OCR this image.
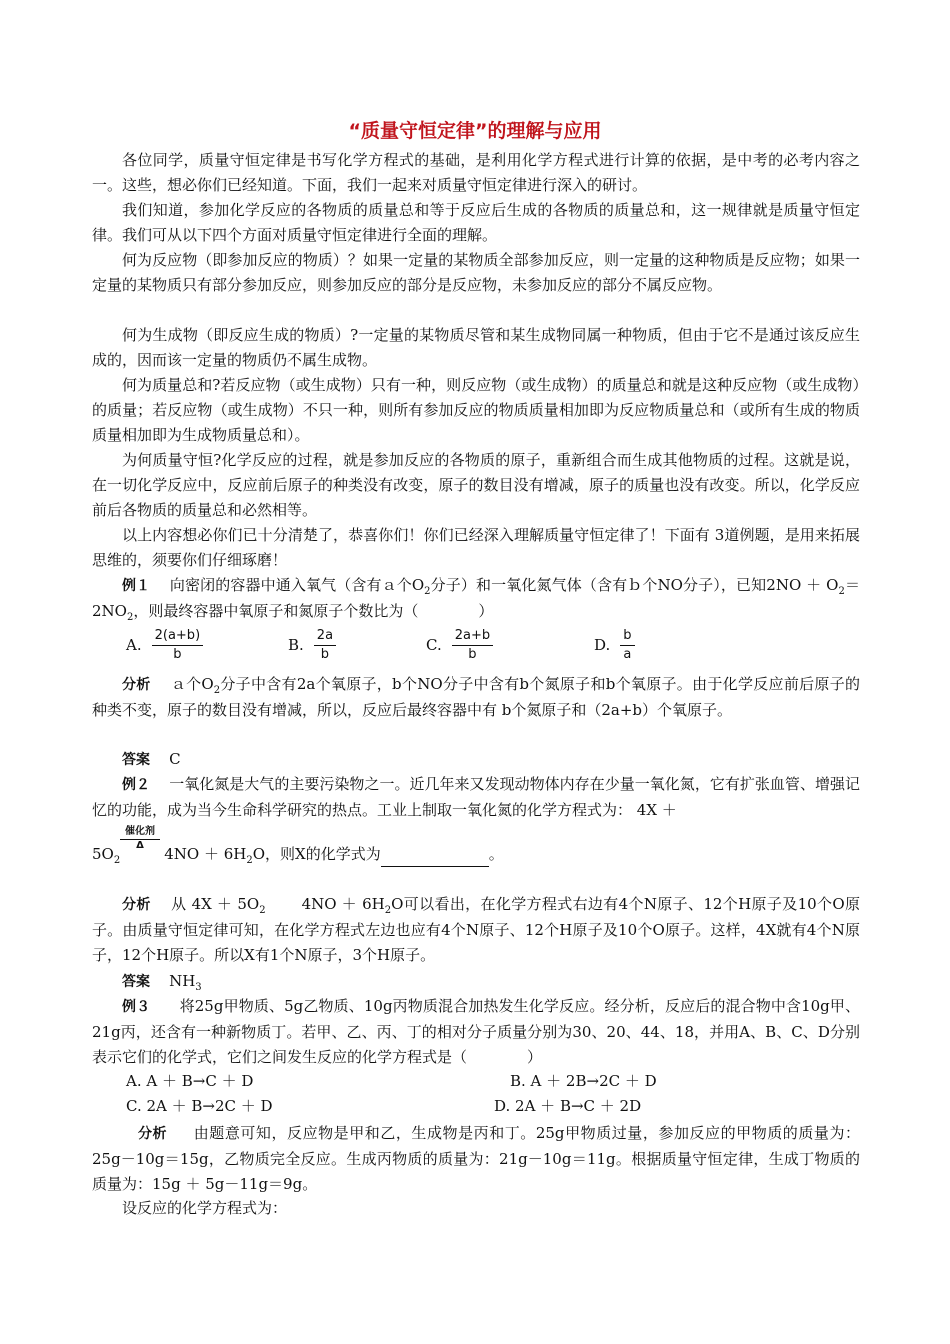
“质量守恒定律”的理解与应用
各位同学，质量守恒定律是书写化学方程式的基础，是利用化学方程式进行计算的依据，是中考的必考内容之一。这些，想必你们已经知道。下面，我们一起来对质量守恒定律进行深入的研讨。
我们知道，参加化学反应的各物质的质量总和等于反应后生成的各物质的质量总和，这一规律就是质量守恒定律。我们可从以下四个方面对质量守恒定律进行全面的理解。
何为反应物（即参加反应的物质）？如果一定量的某物质全部参加反应，则一定量的这种物质是反应物；如果一定量的某物质只有部分参加反应，则参加反应的部分是反应物，未参加反应的部分不属反应物。
何为生成物（即反应生成的物质）?一定量的某物质尽管和某生成物同属一种物质，但由于它不是通过该反应生成的，因而该一定量的物质仍不属生成物。
何为质量总和?若反应物（或生成物）只有一种，则反应物（或生成物）的质量总和就是这种反应物（或生成物）的质量；若反应物（或生成物）不只一种，则所有参加反应的物质质量相加即为反应物质量总和（或所有生成的物质质量相加即为生成物质量总和）。
为何质量守恒?化学反应的过程，就是参加反应的各物质的原子，重新组合而生成其他物质的过程。这就是说，在一切化学反应中，反应前后原子的种类没有改变，原子的数目没有增减，原子的质量也没有改变。所以，化学反应前后各物质的质量总和必然相等。
以上内容想必你们已十分清楚了，恭喜你们！你们已经深入理解质量守恒定律了！下面有 3道例题，是用来拓展思维的，须要你们仔细琢磨！
例１ 向密闭的容器中通入氧气（含有ａ个$O_2$分子）和一氧化氮气体（含有ｂ个NO分子），已知$2NO + O_2=2NO_2$，则最终容器中氧原子和氮原子个数比为（　　　　）
A. $\frac{2(a+b)}{b}$	B. $\frac{2a}{b}$	C. $\frac{2a+b}{b}$	D. $\frac{b}{a}$
分析 ａ个$O_2$分子中含有2a个氧原子，b个NO分子中含有b个氮原子和b个氧原子。由于化学反应前后原子的种类不变，原子的数目没有增减，所以，反应后最终容器中有 b个氮原子和（2a+b）个氧原子。
答案 C
例２ 一氧化氮是大气的主要污染物之一。近几年来又发现动物体内存在少量一氧化氮，它有扩张血管、增强记忆的功能，成为当今生命科学研究的热点。工业上制取一氧化氮的化学方程式为： 4X ＋
催化剂
Δ
$5O_2$	$4NO + 6H_2O$，则X的化学式为	。
分析 从 $4X + 5O_2$ $4NO + 6H_2O$可以看出，在化学方程式右边有4个N原子、12个H原子及10个O原子。由质量守恒定律可知，在化学方程式左边也应有4个N原子、12个H原子及10个O原子。这样，4X就有4个N原子，12个H原子。所以X有1个N原子，3个H原子。
答案 $NH_3$
例３ 将25g甲物质、5g乙物质、10g丙物质混合加热发生化学反应。经分析，反应后的混合物中含10g甲、21g丙，还含有一种新物质丁。若甲、乙、丙、丁的相对分子质量分别为30、20、44、18，并用A、B、C、D分别表示它们的化学式，它们之间发生反应的化学方程式是（　　　　）
A. A ＋ B→C ＋ D	B. A ＋ 2B→2C ＋ D
C. 2A ＋ B→2C ＋ D	D. 2A ＋ B→C ＋ 2D
分析 由题意可知，反应物是甲和乙，生成物是丙和丁。25g甲物质过量，参加反应的甲物质的质量为：25g－10g＝15g，乙物质完全反应。生成丙物质的质量为：21g－10g＝11g。根据质量守恒定律，生成丁物质的质量为：15g ＋ 5g－11g＝9g。
设反应的化学方程式为：
